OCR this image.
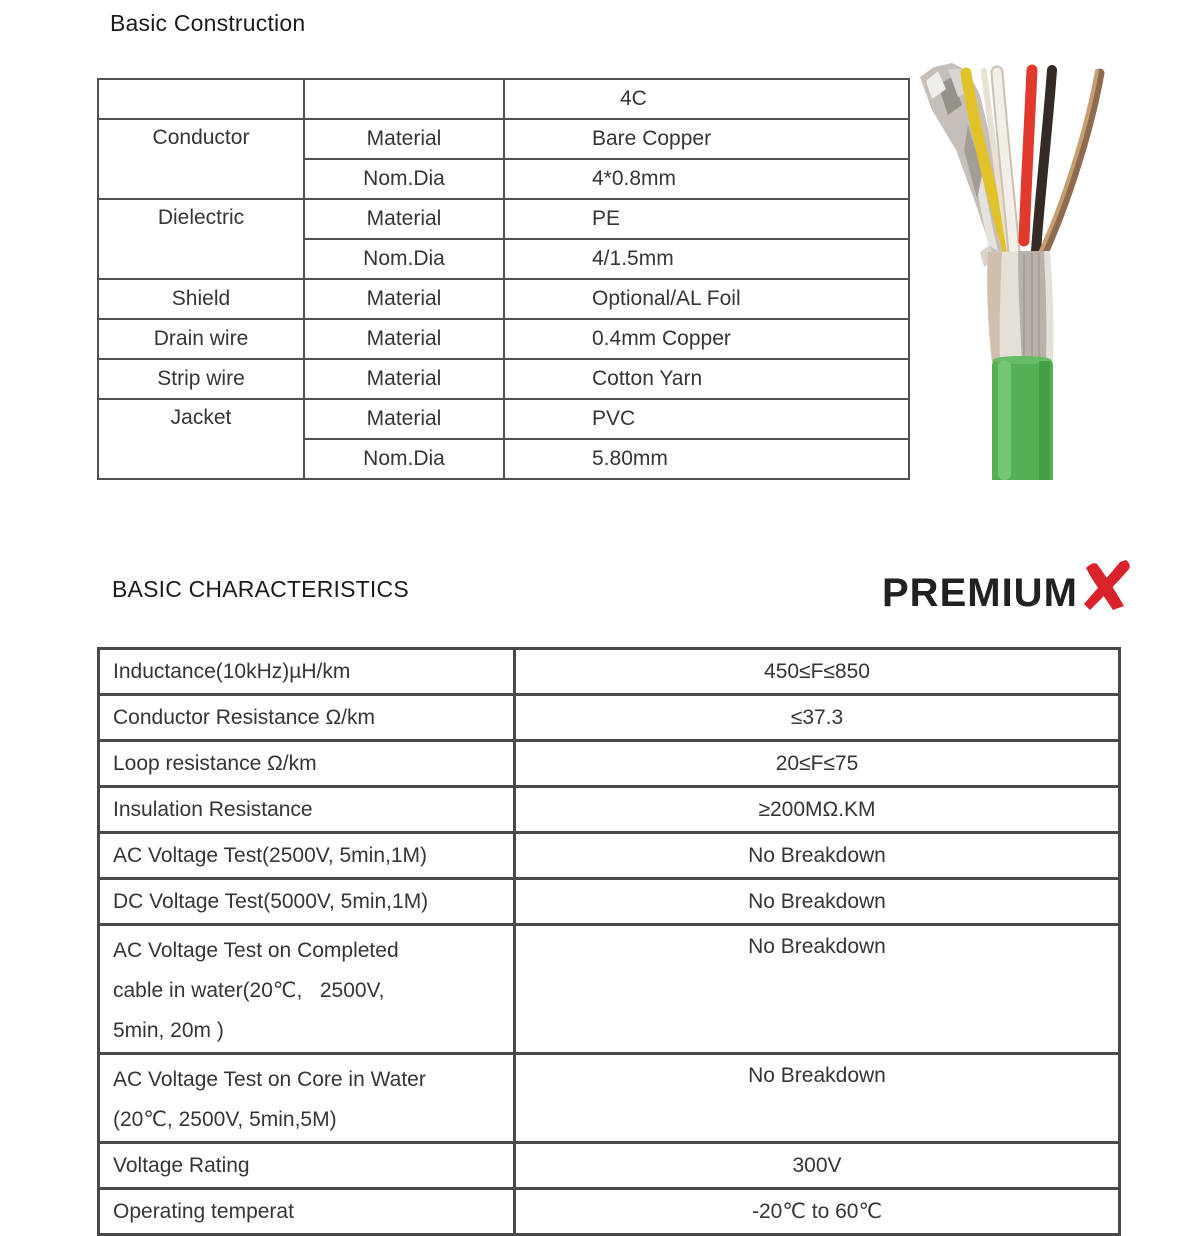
Basic Construction
BASIC CHARACTERISTICS
		4C
Conductor	Material	Bare Copper
	Nom.Dia	4*0.8mm
Dielectric	Material	PE
	Nom.Dia	4/1.5mm
Shield	Material	Optional/AL Foil
Drain wire	Material	0.4mm Copper
Strip wire	Material	Cotton Yarn
Jacket	Material	PVC
	Nom.Dia	5.80mm
PREMIUM
Inductance(10kHz)µH/km	450≤F≤850
Conductor Resistance Ω/km	≤37.3
Loop resistance Ω/km	20≤F≤75
Insulation Resistance	≥200MΩ.KM
AC Voltage Test(2500V, 5min,1M)	No Breakdown
DC Voltage Test(5000V, 5min,1M)	No Breakdown

AC Voltage Test on Completed
cable in water(20℃,   2500V,
5min, 20m )	No Breakdown

AC Voltage Test on Core in Water
(20℃, 2500V, 5min,5M)	No Breakdown
Voltage Rating	300V
Operating temperat	-20℃ to 60℃
